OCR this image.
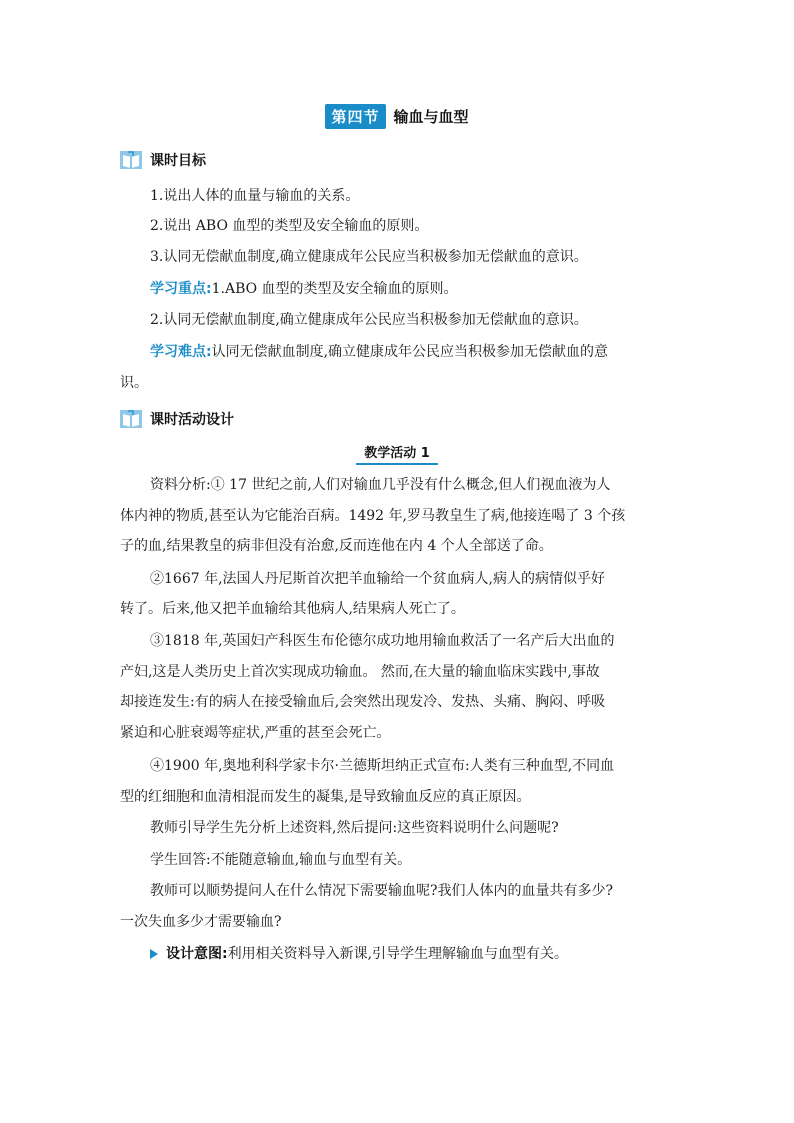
第四节 输血与血型
课时目标
1.说出人体的血量与输血的关系。
2.说出 ABO 血型的类型及安全输血的原则。
3.认同无偿献血制度,确立健康成年公民应当积极参加无偿献血的意识。
学习重点:1.ABO 血型的类型及安全输血的原则。
2.认同无偿献血制度,确立健康成年公民应当积极参加无偿献血的意识。
学习难点:认同无偿献血制度,确立健康成年公民应当积极参加无偿献血的意
识。
课时活动设计
教学活动 1
资料分析:① 17 世纪之前,人们对输血几乎没有什么概念,但人们视血液为人
体内神的物质,甚至认为它能治百病。1492 年,罗马教皇生了病,他接连喝了 3 个孩
子的血,结果教皇的病非但没有治愈,反而连他在内 4 个人全部送了命。
②1667 年,法国人丹尼斯首次把羊血输给一个贫血病人,病人的病情似乎好
转了。后来,他又把羊血输给其他病人,结果病人死亡了。
③1818 年,英国妇产科医生布伦德尔成功地用输血救活了一名产后大出血的
产妇,这是人类历史上首次实现成功输血。 然而,在大量的输血临床实践中,事故
却接连发生:有的病人在接受输血后,会突然出现发冷、发热、头痛、胸闷、呼吸
紧迫和心脏衰竭等症状,严重的甚至会死亡。
④1900 年,奥地利科学家卡尔·兰德斯坦纳正式宣布:人类有三种血型,不同血
型的红细胞和血清相混而发生的凝集,是导致输血反应的真正原因。
教师引导学生先分析上述资料,然后提问:这些资料说明什么问题呢?
学生回答:不能随意输血,输血与血型有关。
教师可以顺势提问人在什么情况下需要输血呢?我们人体内的血量共有多少?
一次失血多少才需要输血?
设计意图:利用相关资料导入新课,引导学生理解输血与血型有关。
